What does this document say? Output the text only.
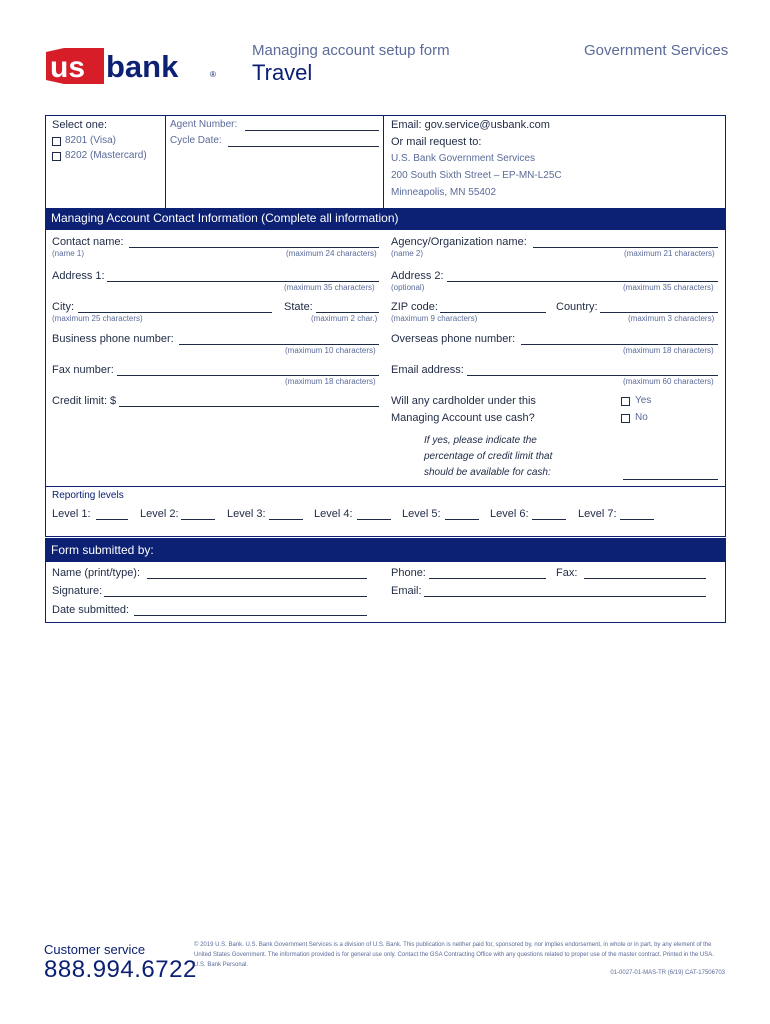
us bank	®
Managing account setup form
Travel
Government Services
Select one:
8201 (Visa)
8202 (Mastercard)
Agent Number:
Cycle Date:
Email: gov.service@usbank.com
Or mail request to:
U.S. Bank Government Services
200 South Sixth Street – EP-MN-L25C
Minneapolis, MN 55402
Managing Account Contact Information (Complete all information)
Contact name:
(name 1)	(maximum 24 characters)
Agency/Organization name:
(name 2)	(maximum 21 characters)
Address 1:
(maximum 35 characters)
Address 2:
(optional)	(maximum 35 characters)
City:
(maximum 25 characters)
State:
(maximum 2 char.)
ZIP code:
(maximum 9 characters)
Country:
(maximum 3 characters)
Business phone number:
(maximum 10 characters)
Overseas phone number:
(maximum 18 characters)
Fax number:
(maximum 18 characters)
Email address:
(maximum 60 characters)
Credit limit: $	Will any cardholder under this
Managing Account use cash?
Yes
No
If yes, please indicate the
percentage of credit limit that
should be available for cash:
Reporting levels
Level 1:	Level 2:	Level 3:	Level 4:	Level 5:	Level 6:	Level 7:
Form submitted by:
Name (print/type):	Phone:	Fax:
Signature:	Email:
Date submitted:
Customer service
888.994.6722
© 2019 U.S. Bank. U.S. Bank Government Services is a division of U.S. Bank. This publication is neither paid for, sponsored by, nor implies endorsement, in whole or in part, by any element of the United States Government. The information provided is for general use only. Contact the GSA Contracting Office with any questions related to proper use of the master contract. Printed in the USA. U.S. Bank Personal.
01-0027-01-MAS-TR (6/19) CAT-17506703
